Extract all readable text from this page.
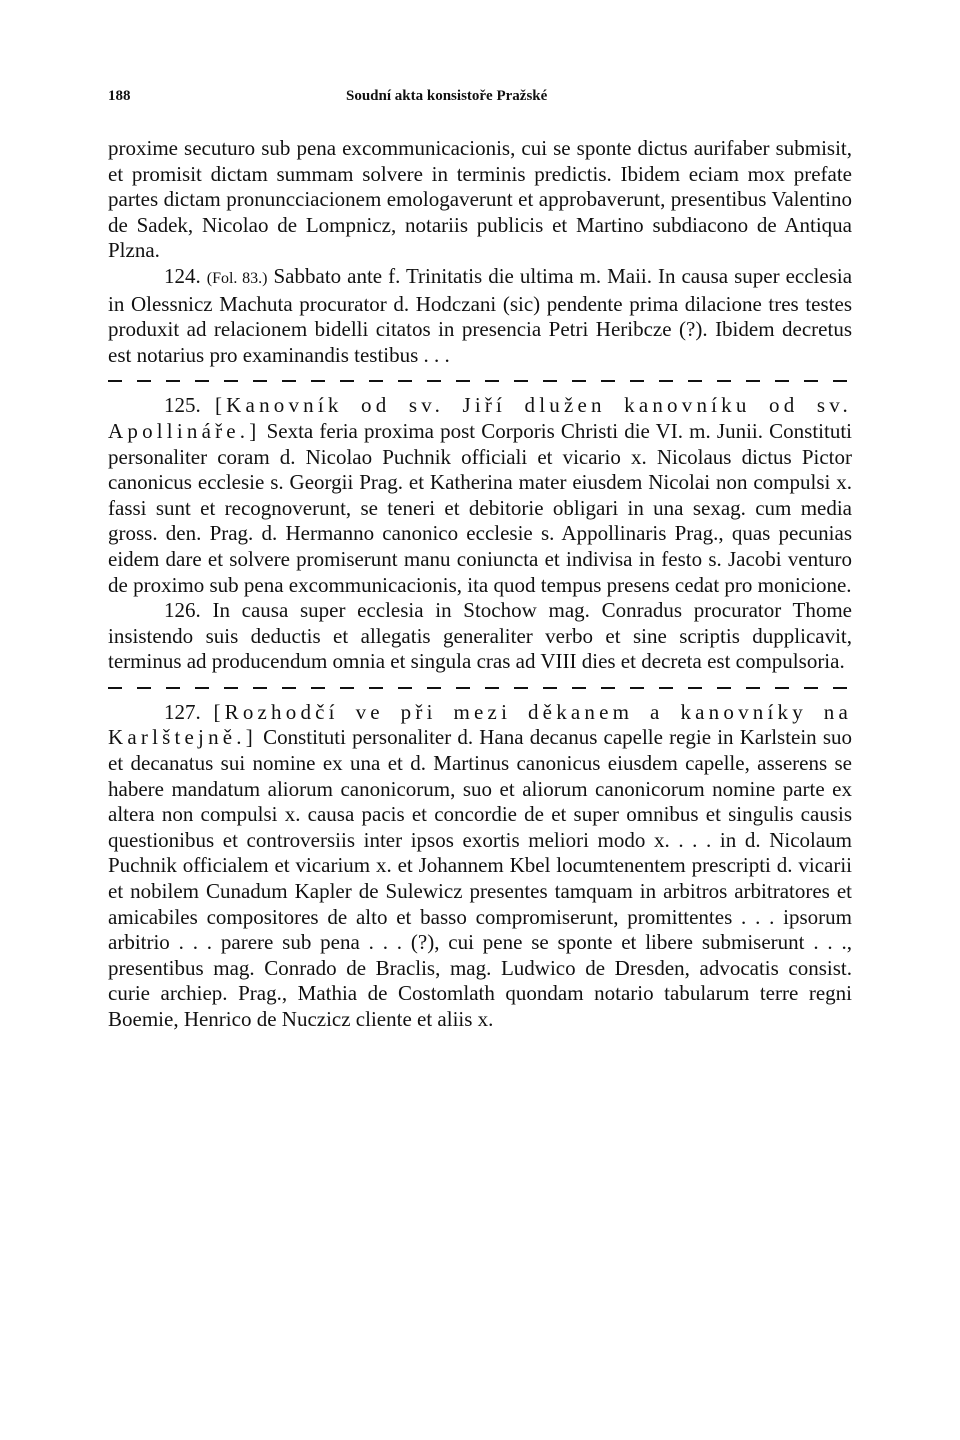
188	Soudní akta konsistoře Pražské

proxime secuturo sub pena excommunicacionis, cui se sponte dictus aurifaber submisit, et promisit dictam summam solvere in terminis predictis. Ibidem eciam mox prefate partes dictam pronuncciacionem emologaverunt et approbaverunt, presentibus Valentino de Sadek, Nicolao de Lompnicz, notariis publicis et Martino subdiacono de Antiqua Plzna.

124. (Fol. 83.) Sabbato ante f. Trinitatis die ultima m. Maii. In causa super ecclesia in Olessnicz Machuta procurator d. Hodczani (sic) pendente prima dilacione tres testes produxit ad relacionem bidelli citatos in presencia Petri Heribcze (?). Ibidem decretus est notarius pro examinandis testibus . . .

125. [Kanovník od sv. Jiří dlužen kanovníku od sv. Apollináře.] Sexta feria proxima post Corporis Christi die VI. m. Junii. Constituti personaliter coram d. Nicolao Puchnik officiali et vicario x. Nicolaus dictus Pictor canonicus ecclesie s. Georgii Prag. et Katherina mater eiusdem Nicolai non compulsi x. fassi sunt et recognoverunt, se teneri et debitorie obligari in una sexag. cum media gross. den. Prag. d. Hermanno canonico ecclesie s. Appollinaris Prag., quas pecunias eidem dare et solvere promiserunt manu coniuncta et indivisa in festo s. Jacobi venturo de proximo sub pena excommunicacionis, ita quod tempus presens cedat pro monicione.

126. In causa super ecclesia in Stochow mag. Conradus procurator Thome insistendo suis deductis et allegatis generaliter verbo et sine scriptis dupplicavit, terminus ad producendum omnia et singula cras ad VIII dies et decreta est compulsoria.

127. [Rozhodčí ve při mezi děkanem a kanovníky na Karlštejně.] Constituti personaliter d. Hana decanus capelle regie in Karlstein suo et decanatus sui nomine ex una et d. Martinus canonicus eiusdem capelle, asserens se habere mandatum aliorum canonicorum, suo et aliorum canonicorum nomine parte ex altera non compulsi x. causa pacis et concordie de et super omnibus et singulis causis questionibus et controversiis inter ipsos exortis meliori modo x. . . . in d. Nicolaum Puchnik officialem et vicarium x. et Johannem Kbel locumtenentem prescripti d. vicarii et nobilem Cunadum Kapler de Sulewicz presentes tamquam in arbitros arbitratores et amicabiles compositores de alto et basso compromiserunt, promittentes . . . ipsorum arbitrio . . . parere sub pena . . . (?), cui pene se sponte et libere submiserunt . . ., presentibus mag. Conrado de Braclis, mag. Ludwico de Dresden, advocatis consist. curie archiep. Prag., Mathia de Costomlath quondam notario tabularum terre regni Boemie, Henrico de Nuczicz cliente et aliis x.
